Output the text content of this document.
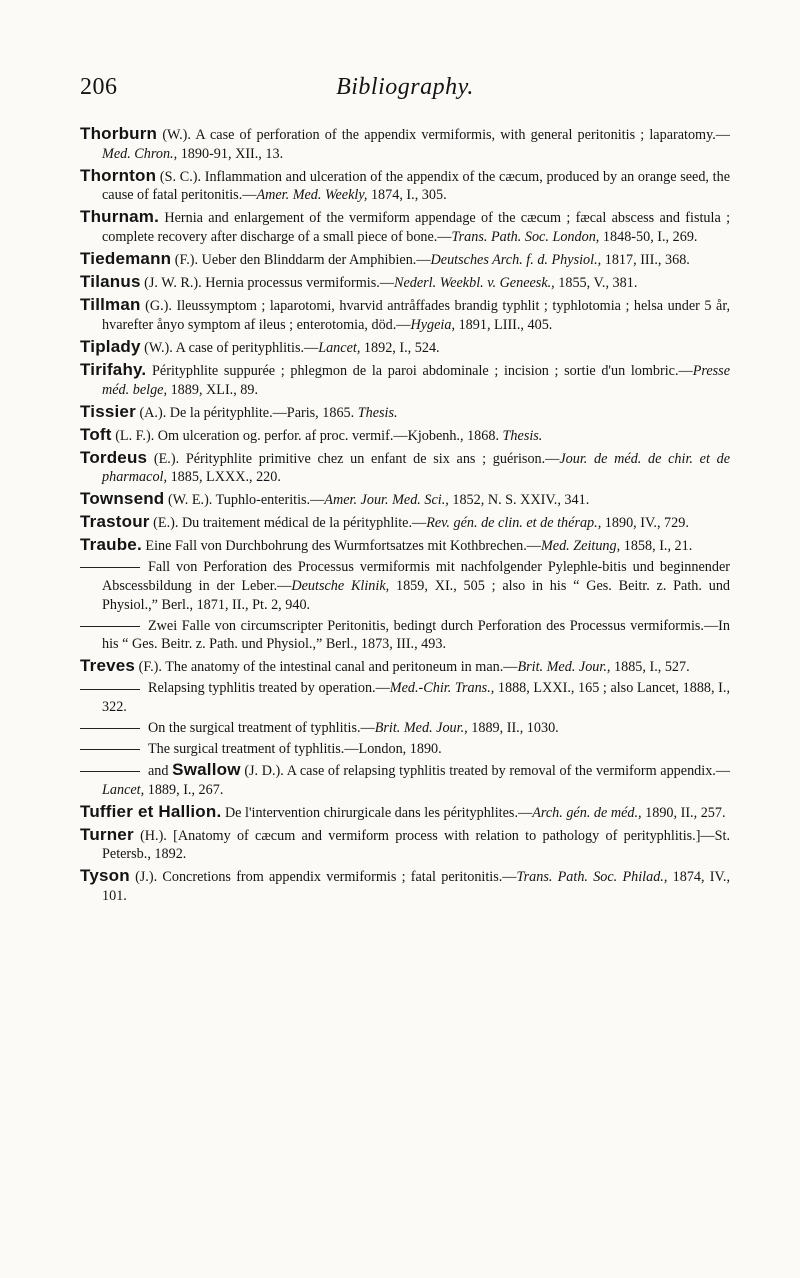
206	Bibliography.

Thorburn (W.). A case of perforation of the appendix vermiformis, with general peritonitis ; laparatomy.—Med. Chron., 1890-91, XII., 13.

Thornton (S. C.). Inflammation and ulceration of the appendix of the cæcum, produced by an orange seed, the cause of fatal peritonitis.—Amer. Med. Weekly, 1874, I., 305.

Thurnam. Hernia and enlargement of the vermiform appendage of the cæcum ; fæcal abscess and fistula ; complete recovery after discharge of a small piece of bone.—Trans. Path. Soc. London, 1848-50, I., 269.

Tiedemann (F.). Ueber den Blinddarm der Amphibien.—Deutsches Arch. f. d. Physiol., 1817, III., 368.

Tilanus (J. W. R.). Hernia processus vermiformis.—Nederl. Weekbl. v. Geneesk., 1855, V., 381.

Tillman (G.). Ileussymptom ; laparotomi, hvarvid antråffades brandig typhlit ; typhlotomia ; helsa under 5 år, hvarefter ånyo symptom af ileus ; enterotomia, död.—Hygeia, 1891, LIII., 405.

Tiplady (W.). A case of perityphlitis.—Lancet, 1892, I., 524.

Tirifahy. Pérityphlite suppurée ; phlegmon de la paroi abdominale ; incision ; sortie d'un lombric.—Presse méd. belge, 1889, XLI., 89.

Tissier (A.). De la pérityphlite.—Paris, 1865. Thesis.

Toft (L. F.). Om ulceration og. perfor. af proc. vermif.—Kjobenh., 1868. Thesis.

Tordeus (E.). Pérityphlite primitive chez un enfant de six ans ; guérison.—Jour. de méd. de chir. et de pharmacol, 1885, LXXX., 220.

Townsend (W. E.). Tuphlo-enteritis.—Amer. Jour. Med. Sci., 1852, N. S. XXIV., 341.

Trastour (E.). Du traitement médical de la pérityphlite.—Rev. gén. de clin. et de thérap., 1890, IV., 729.

Traube. Eine Fall von Durchbohrung des Wurmfortsatzes mit Kothbrechen.—Med. Zeitung, 1858, I., 21.

Fall von Perforation des Processus vermiformis mit nachfolgender Pylephle-bitis und beginnender Abscessbildung in der Leber.—Deutsche Klinik, 1859, XI., 505 ; also in his “ Ges. Beitr. z. Path. und Physiol.,” Berl., 1871, II., Pt. 2, 940.

Zwei Falle von circumscripter Peritonitis, bedingt durch Perforation des Processus vermiformis.—In his “ Ges. Beitr. z. Path. und Physiol.,” Berl., 1873, III., 493.

Treves (F.). The anatomy of the intestinal canal and peritoneum in man.—Brit. Med. Jour., 1885, I., 527.

Relapsing typhlitis treated by operation.—Med.-Chir. Trans., 1888, LXXI., 165 ; also Lancet, 1888, I., 322.

On the surgical treatment of typhlitis.—Brit. Med. Jour., 1889, II., 1030.

The surgical treatment of typhlitis.—London, 1890.

and Swallow (J. D.). A case of relapsing typhlitis treated by removal of the vermiform appendix.—Lancet, 1889, I., 267.

Tuffier et Hallion. De l'intervention chirurgicale dans les pérityphlites.—Arch. gén. de méd., 1890, II., 257.

Turner (H.). [Anatomy of cæcum and vermiform process with relation to pathology of perityphlitis.]—St. Petersb., 1892.

Tyson (J.). Concretions from appendix vermiformis ; fatal peritonitis.—Trans. Path. Soc. Philad., 1874, IV., 101.
